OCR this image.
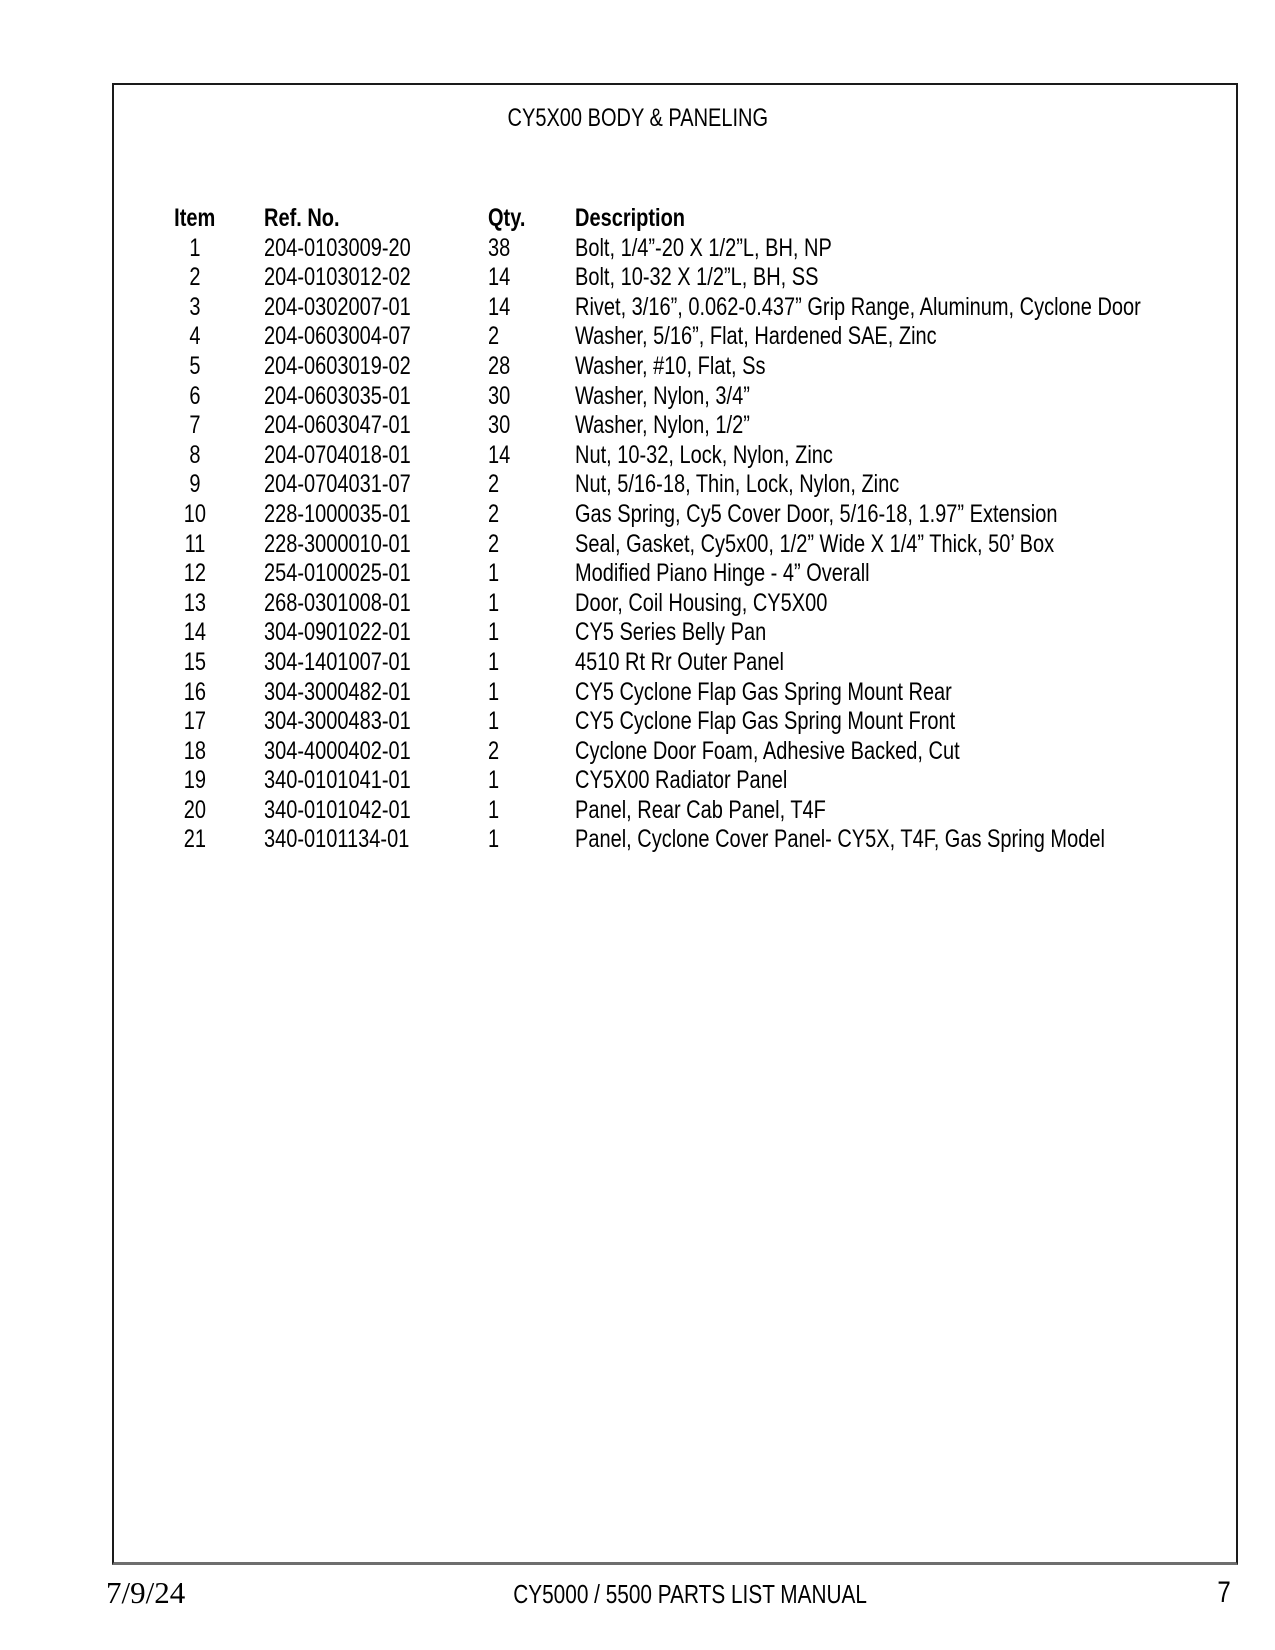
CY5X00 BODY & PANELING
Item	Ref. No.	Qty.	Description
1	204-0103009-20	38	Bolt, 1/4”-20 X 1/2”L, BH, NP
2	204-0103012-02	14	Bolt, 10-32 X 1/2”L, BH, SS
3	204-0302007-01	14	Rivet, 3/16”, 0.062-0.437” Grip Range, Aluminum, Cyclone Door
4	204-0603004-07	2	Washer, 5/16”, Flat, Hardened SAE, Zinc
5	204-0603019-02	28	Washer, #10, Flat, Ss
6	204-0603035-01	30	Washer, Nylon, 3/4”
7	204-0603047-01	30	Washer, Nylon, 1/2”
8	204-0704018-01	14	Nut, 10-32, Lock, Nylon, Zinc
9	204-0704031-07	2	Nut, 5/16-18, Thin, Lock, Nylon, Zinc
10	228-1000035-01	2	Gas Spring, Cy5 Cover Door, 5/16-18, 1.97” Extension
11	228-3000010-01	2	Seal, Gasket, Cy5x00, 1/2” Wide X 1/4” Thick, 50’ Box
12	254-0100025-01	1	Modified Piano Hinge - 4” Overall
13	268-0301008-01	1	Door, Coil Housing, CY5X00
14	304-0901022-01	1	CY5 Series Belly Pan
15	304-1401007-01	1	4510 Rt Rr Outer Panel
16	304-3000482-01	1	CY5 Cyclone Flap Gas Spring Mount Rear
17	304-3000483-01	1	CY5 Cyclone Flap Gas Spring Mount Front
18	304-4000402-01	2	Cyclone Door Foam, Adhesive Backed, Cut
19	340-0101041-01	1	CY5X00 Radiator Panel
20	340-0101042-01	1	Panel, Rear Cab Panel, T4F
21	340-0101134-01	1	Panel, Cyclone Cover Panel- CY5X, T4F, Gas Spring Model
7/9/24	CY5000 / 5500 PARTS LIST MANUAL	7
